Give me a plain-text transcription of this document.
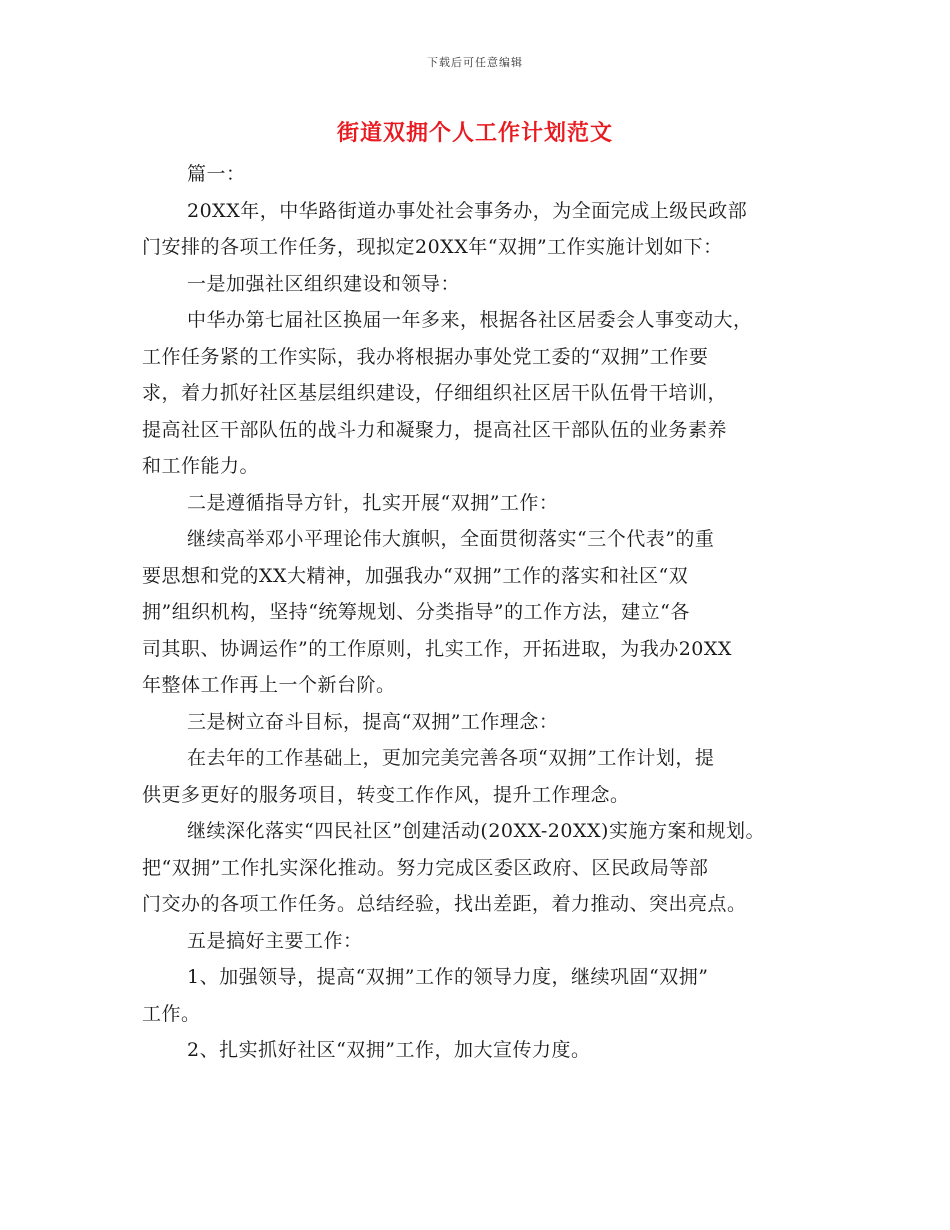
下载后可任意编辑
街道双拥个人工作计划范文
篇一：
20XX年，中华路街道办事处社会事务办，为全面完成上级民政部
门安排的各项工作任务，现拟定20XX年“双拥”工作实施计划如下：
一是加强社区组织建设和领导：
中华办第七届社区换届一年多来，根据各社区居委会人事变动大，
工作任务紧的工作实际，我办将根据办事处党工委的“双拥”工作要
求，着力抓好社区基层组织建设，仔细组织社区居干队伍骨干培训，
提高社区干部队伍的战斗力和凝聚力，提高社区干部队伍的业务素养
和工作能力。
二是遵循指导方针，扎实开展“双拥”工作：
继续高举邓小平理论伟大旗帜，全面贯彻落实“三个代表”的重
要思想和党的XX大精神，加强我办“双拥”工作的落实和社区“双
拥”组织机构，坚持“统筹规划、分类指导”的工作方法，建立“各
司其职、协调运作”的工作原则，扎实工作，开拓进取，为我办20XX
年整体工作再上一个新台阶。
三是树立奋斗目标，提高“双拥”工作理念：
在去年的工作基础上，更加完美完善各项“双拥”工作计划，提
供更多更好的服务项目，转变工作作风，提升工作理念。
继续深化落实“四民社区”创建活动(20XX-20XX)实施方案和规划。
把“双拥”工作扎实深化推动。努力完成区委区政府、区民政局等部
门交办的各项工作任务。总结经验，找出差距，着力推动、突出亮点。
五是搞好主要工作：
1、加强领导，提高“双拥”工作的领导力度，继续巩固“双拥”
工作。
2、扎实抓好社区“双拥”工作，加大宣传力度。
